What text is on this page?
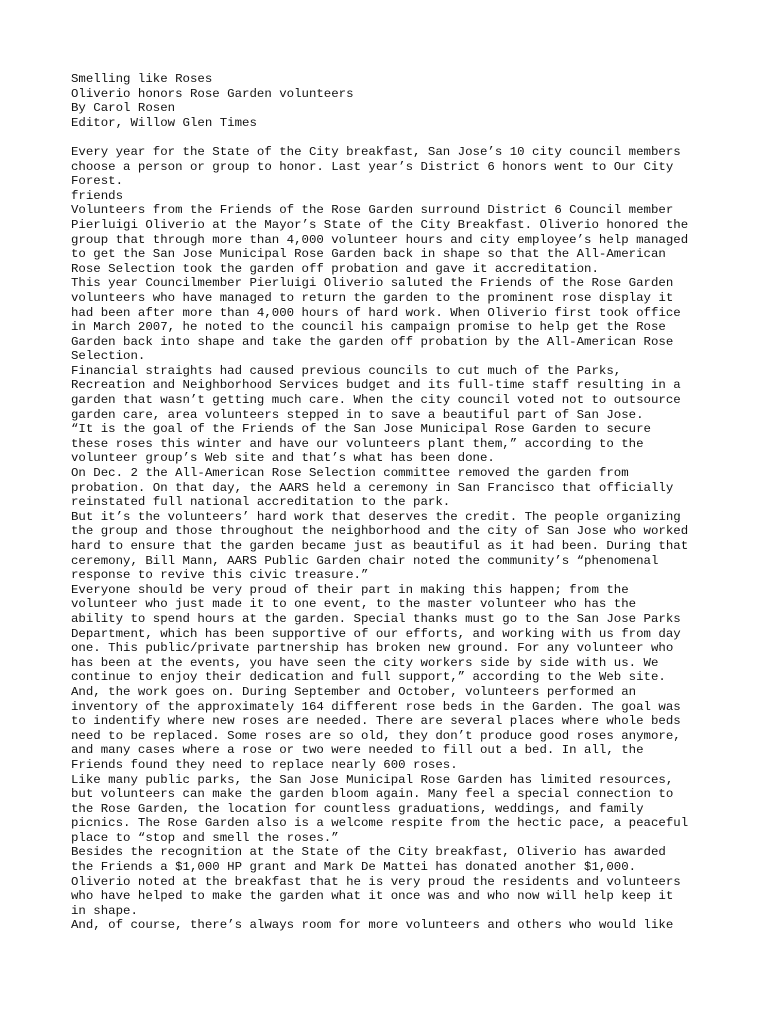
Smelling like Roses
Oliverio honors Rose Garden volunteers
By Carol Rosen
Editor, Willow Glen Times
Every year for the State of the City breakfast, San Jose’s 10 city council members
choose a person or group to honor. Last year’s District 6 honors went to Our City
Forest.
friends
Volunteers from the Friends of the Rose Garden surround District 6 Council member
Pierluigi Oliverio at the Mayor’s State of the City Breakfast. Oliverio honored the
group that through more than 4,000 volunteer hours and city employee’s help managed
to get the San Jose Municipal Rose Garden back in shape so that the All-American
Rose Selection took the garden off probation and gave it accreditation.
This year Councilmember Pierluigi Oliverio saluted the Friends of the Rose Garden
volunteers who have managed to return the garden to the prominent rose display it
had been after more than 4,000 hours of hard work. When Oliverio first took office
in March 2007, he noted to the council his campaign promise to help get the Rose
Garden back into shape and take the garden off probation by the All-American Rose
Selection.
Financial straights had caused previous councils to cut much of the Parks,
Recreation and Neighborhood Services budget and its full-time staff resulting in a
garden that wasn’t getting much care. When the city council voted not to outsource
garden care, area volunteers stepped in to save a beautiful part of San Jose.
“It is the goal of the Friends of the San Jose Municipal Rose Garden to secure
these roses this winter and have our volunteers plant them,” according to the
volunteer group’s Web site and that’s what has been done.
On Dec. 2 the All-American Rose Selection committee removed the garden from
probation. On that day, the AARS held a ceremony in San Francisco that officially
reinstated full national accreditation to the park.
But it’s the volunteers’ hard work that deserves the credit. The people organizing
the group and those throughout the neighborhood and the city of San Jose who worked
hard to ensure that the garden became just as beautiful as it had been. During that
ceremony, Bill Mann, AARS Public Garden chair noted the community’s “phenomenal
response to revive this civic treasure.”
Everyone should be very proud of their part in making this happen; from the
volunteer who just made it to one event, to the master volunteer who has the
ability to spend hours at the garden. Special thanks must go to the San Jose Parks
Department, which has been supportive of our efforts, and working with us from day
one. This public/private partnership has broken new ground. For any volunteer who
has been at the events, you have seen the city workers side by side with us. We
continue to enjoy their dedication and full support,” according to the Web site.
And, the work goes on. During September and October, volunteers performed an
inventory of the approximately 164 different rose beds in the Garden. The goal was
to indentify where new roses are needed. There are several places where whole beds
need to be replaced. Some roses are so old, they don’t produce good roses anymore,
and many cases where a rose or two were needed to fill out a bed. In all, the
Friends found they need to replace nearly 600 roses.
Like many public parks, the San Jose Municipal Rose Garden has limited resources,
but volunteers can make the garden bloom again. Many feel a special connection to
the Rose Garden, the location for countless graduations, weddings, and family
picnics. The Rose Garden also is a welcome respite from the hectic pace, a peaceful
place to “stop and smell the roses.”
Besides the recognition at the State of the City breakfast, Oliverio has awarded
the Friends a $1,000 HP grant and Mark De Mattei has donated another $1,000.
Oliverio noted at the breakfast that he is very proud the residents and volunteers
who have helped to make the garden what it once was and who now will help keep it
in shape.
And, of course, there’s always room for more volunteers and others who would like
